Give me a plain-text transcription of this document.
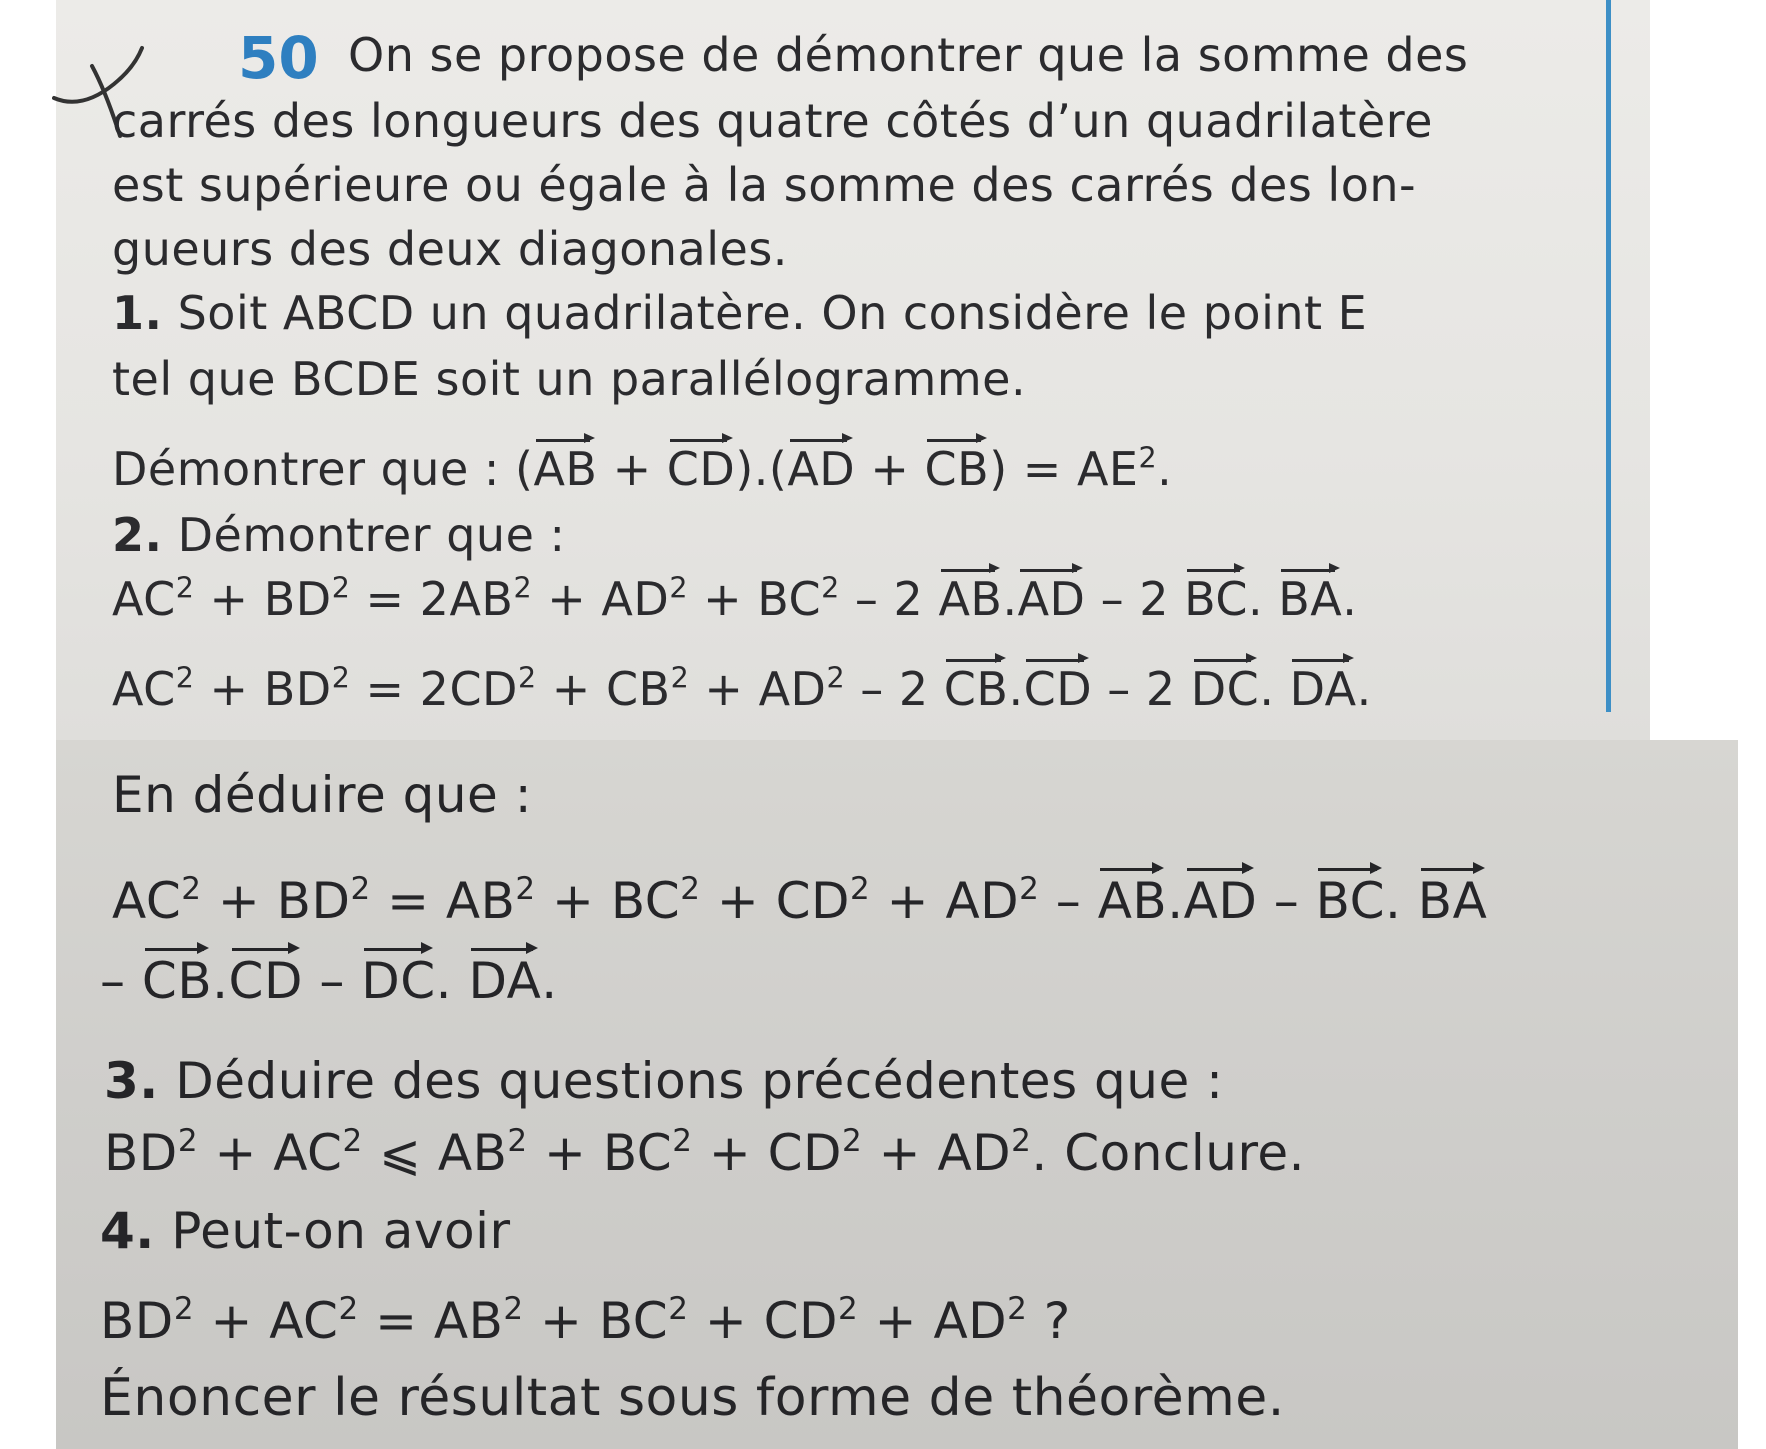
50 On se propose de démontrer que la somme des
carrés des longueurs des quatre côtés d’un quadrilatère
est supérieure ou égale à la somme des carrés des lon-
gueurs des deux diagonales.
1. Soit ABCD un quadrilatère. On considère le point E
tel que BCDE soit un parallélogramme.
Démontrer que : $(AB + CD).(AD + CB) = AE^2$.
2. Démontrer que :
$AC^2 + BD^2 = 2AB^2 + AD^2 + BC^2 - 2$ AB.AD – 2 BC. BA.
$AC^2 + BD^2 = 2CD^2 + CB^2 + AD^2 - 2$ CB.CD – 2 DC. DA.
En déduire que :
$AC^2 + BD^2 = AB^2 + BC^2 + CD^2 + AD^2 - AB.AD$ – BC. BA
– CB.CD – DC. DA.
3. Déduire des questions précédentes que :
$BD^2 + AC^2$ ⩽ $AB^2 + BC^2 + CD^2 + AD^2$. Conclure.
4. Peut-on avoir
$BD^2 + AC^2 = AB^2 + BC^2 + CD^2 + AD^2$ ?
Énoncer le résultat sous forme de théorème.
